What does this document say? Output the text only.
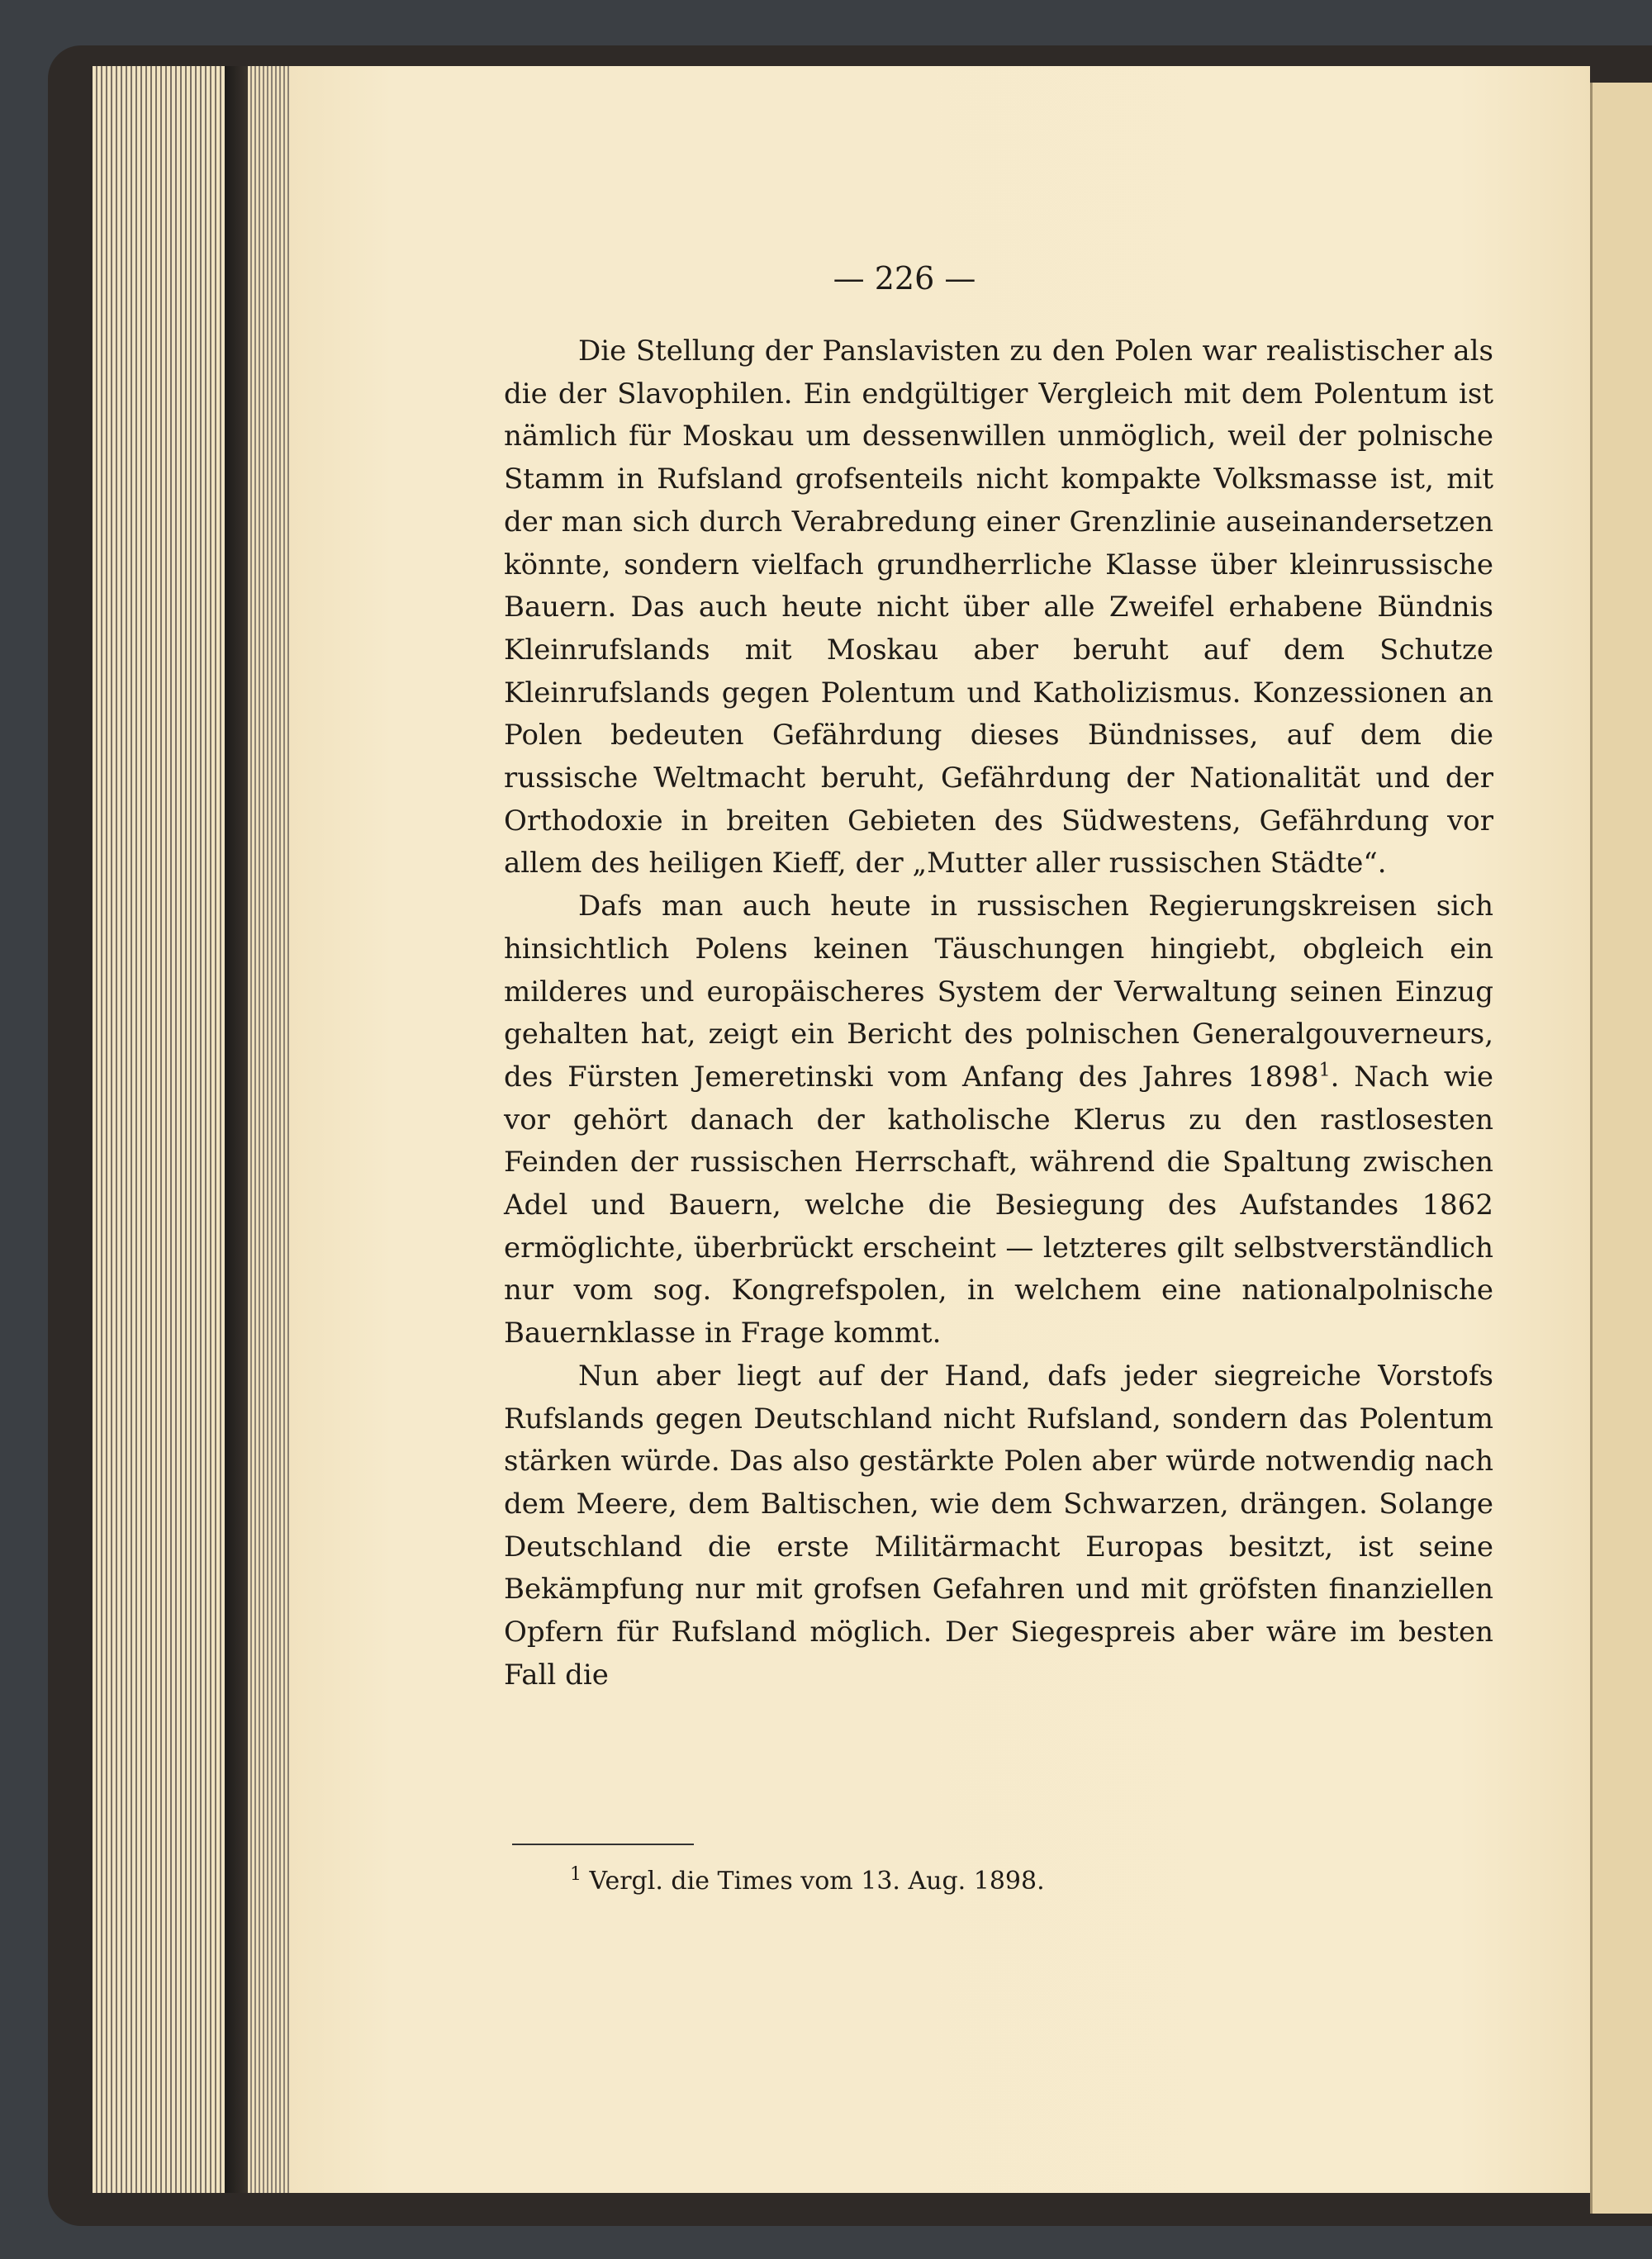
— 226 —

Die Stellung der Panslavisten zu den Polen war realistischer als die der Slavophilen. Ein endgültiger Vergleich mit dem Polentum ist nämlich für Moskau um dessenwillen unmöglich, weil der polnische Stamm in Rufsland grofsenteils nicht kompakte Volksmasse ist, mit der man sich durch Verabredung einer Grenzlinie auseinandersetzen könnte, sondern vielfach grundherrliche Klasse über kleinrussische Bauern. Das auch heute nicht über alle Zweifel erhabene Bündnis Kleinrufslands mit Moskau aber beruht auf dem Schutze Kleinrufslands gegen Polentum und Katholizismus. Konzessionen an Polen bedeuten Gefährdung dieses Bündnisses, auf dem die russische Weltmacht beruht, Gefährdung der Nationalität und der Orthodoxie in breiten Gebieten des Südwestens, Gefährdung vor allem des heiligen Kieff, der „Mutter aller russischen Städte“.

Dafs man auch heute in russischen Regierungskreisen sich hinsichtlich Polens keinen Täuschungen hingiebt, obgleich ein milderes und europäischeres System der Verwaltung seinen Einzug gehalten hat, zeigt ein Bericht des polnischen Generalgouverneurs, des Fürsten Jemeretinski vom Anfang des Jahres 1898$^1$. Nach wie vor gehört danach der katholische Klerus zu den rastlosesten Feinden der russischen Herrschaft, während die Spaltung zwischen Adel und Bauern, welche die Besiegung des Aufstandes 1862 ermöglichte, überbrückt erscheint — letzteres gilt selbstverständlich nur vom sog. Kongrefspolen, in welchem eine nationalpolnische Bauernklasse in Frage kommt.

Nun aber liegt auf der Hand, dafs jeder siegreiche Vorstofs Rufslands gegen Deutschland nicht Rufsland, sondern das Polentum stärken würde. Das also gestärkte Polen aber würde notwendig nach dem Meere, dem Baltischen, wie dem Schwarzen, drängen. Solange Deutschland die erste Militärmacht Europas besitzt, ist seine Bekämpfung nur mit grofsen Gefahren und mit gröfsten finanziellen Opfern für Rufsland möglich. Der Siegespreis aber wäre im besten Fall die

$^1$ Vergl. die Times vom 13. Aug. 1898.
